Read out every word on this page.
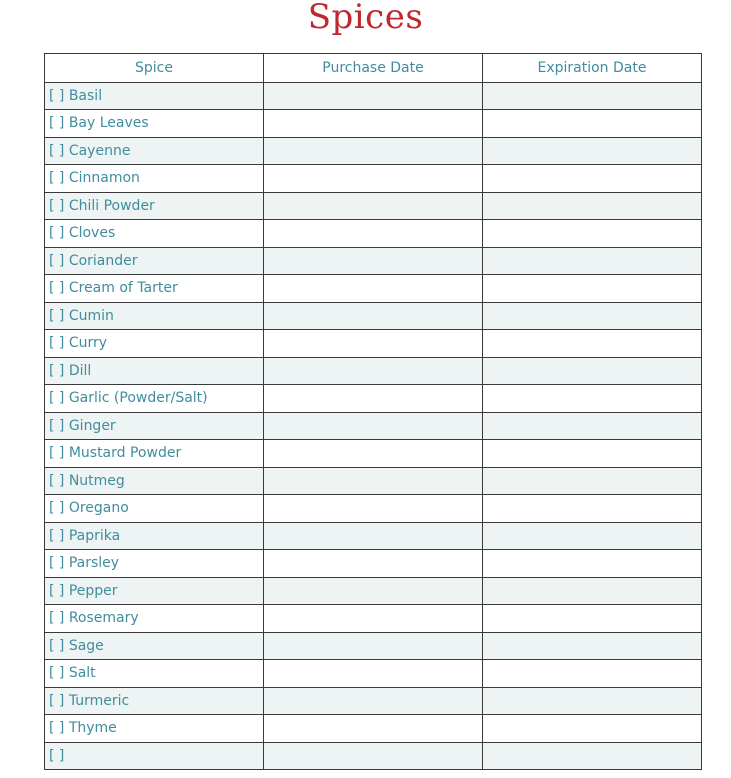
Spices
Spice	Purchase Date	Expiration Date
[ ] Basil		
[ ] Bay Leaves		
[ ] Cayenne		
[ ] Cinnamon		
[ ] Chili Powder		
[ ] Cloves		
[ ] Coriander		
[ ] Cream of Tarter		
[ ] Cumin		
[ ] Curry		
[ ] Dill		
[ ] Garlic (Powder/Salt)		
[ ] Ginger		
[ ] Mustard Powder		
[ ] Nutmeg		
[ ] Oregano		
[ ] Paprika		
[ ] Parsley		
[ ] Pepper		
[ ] Rosemary		
[ ] Sage		
[ ] Salt		
[ ] Turmeric		
[ ] Thyme		
[ ]		
